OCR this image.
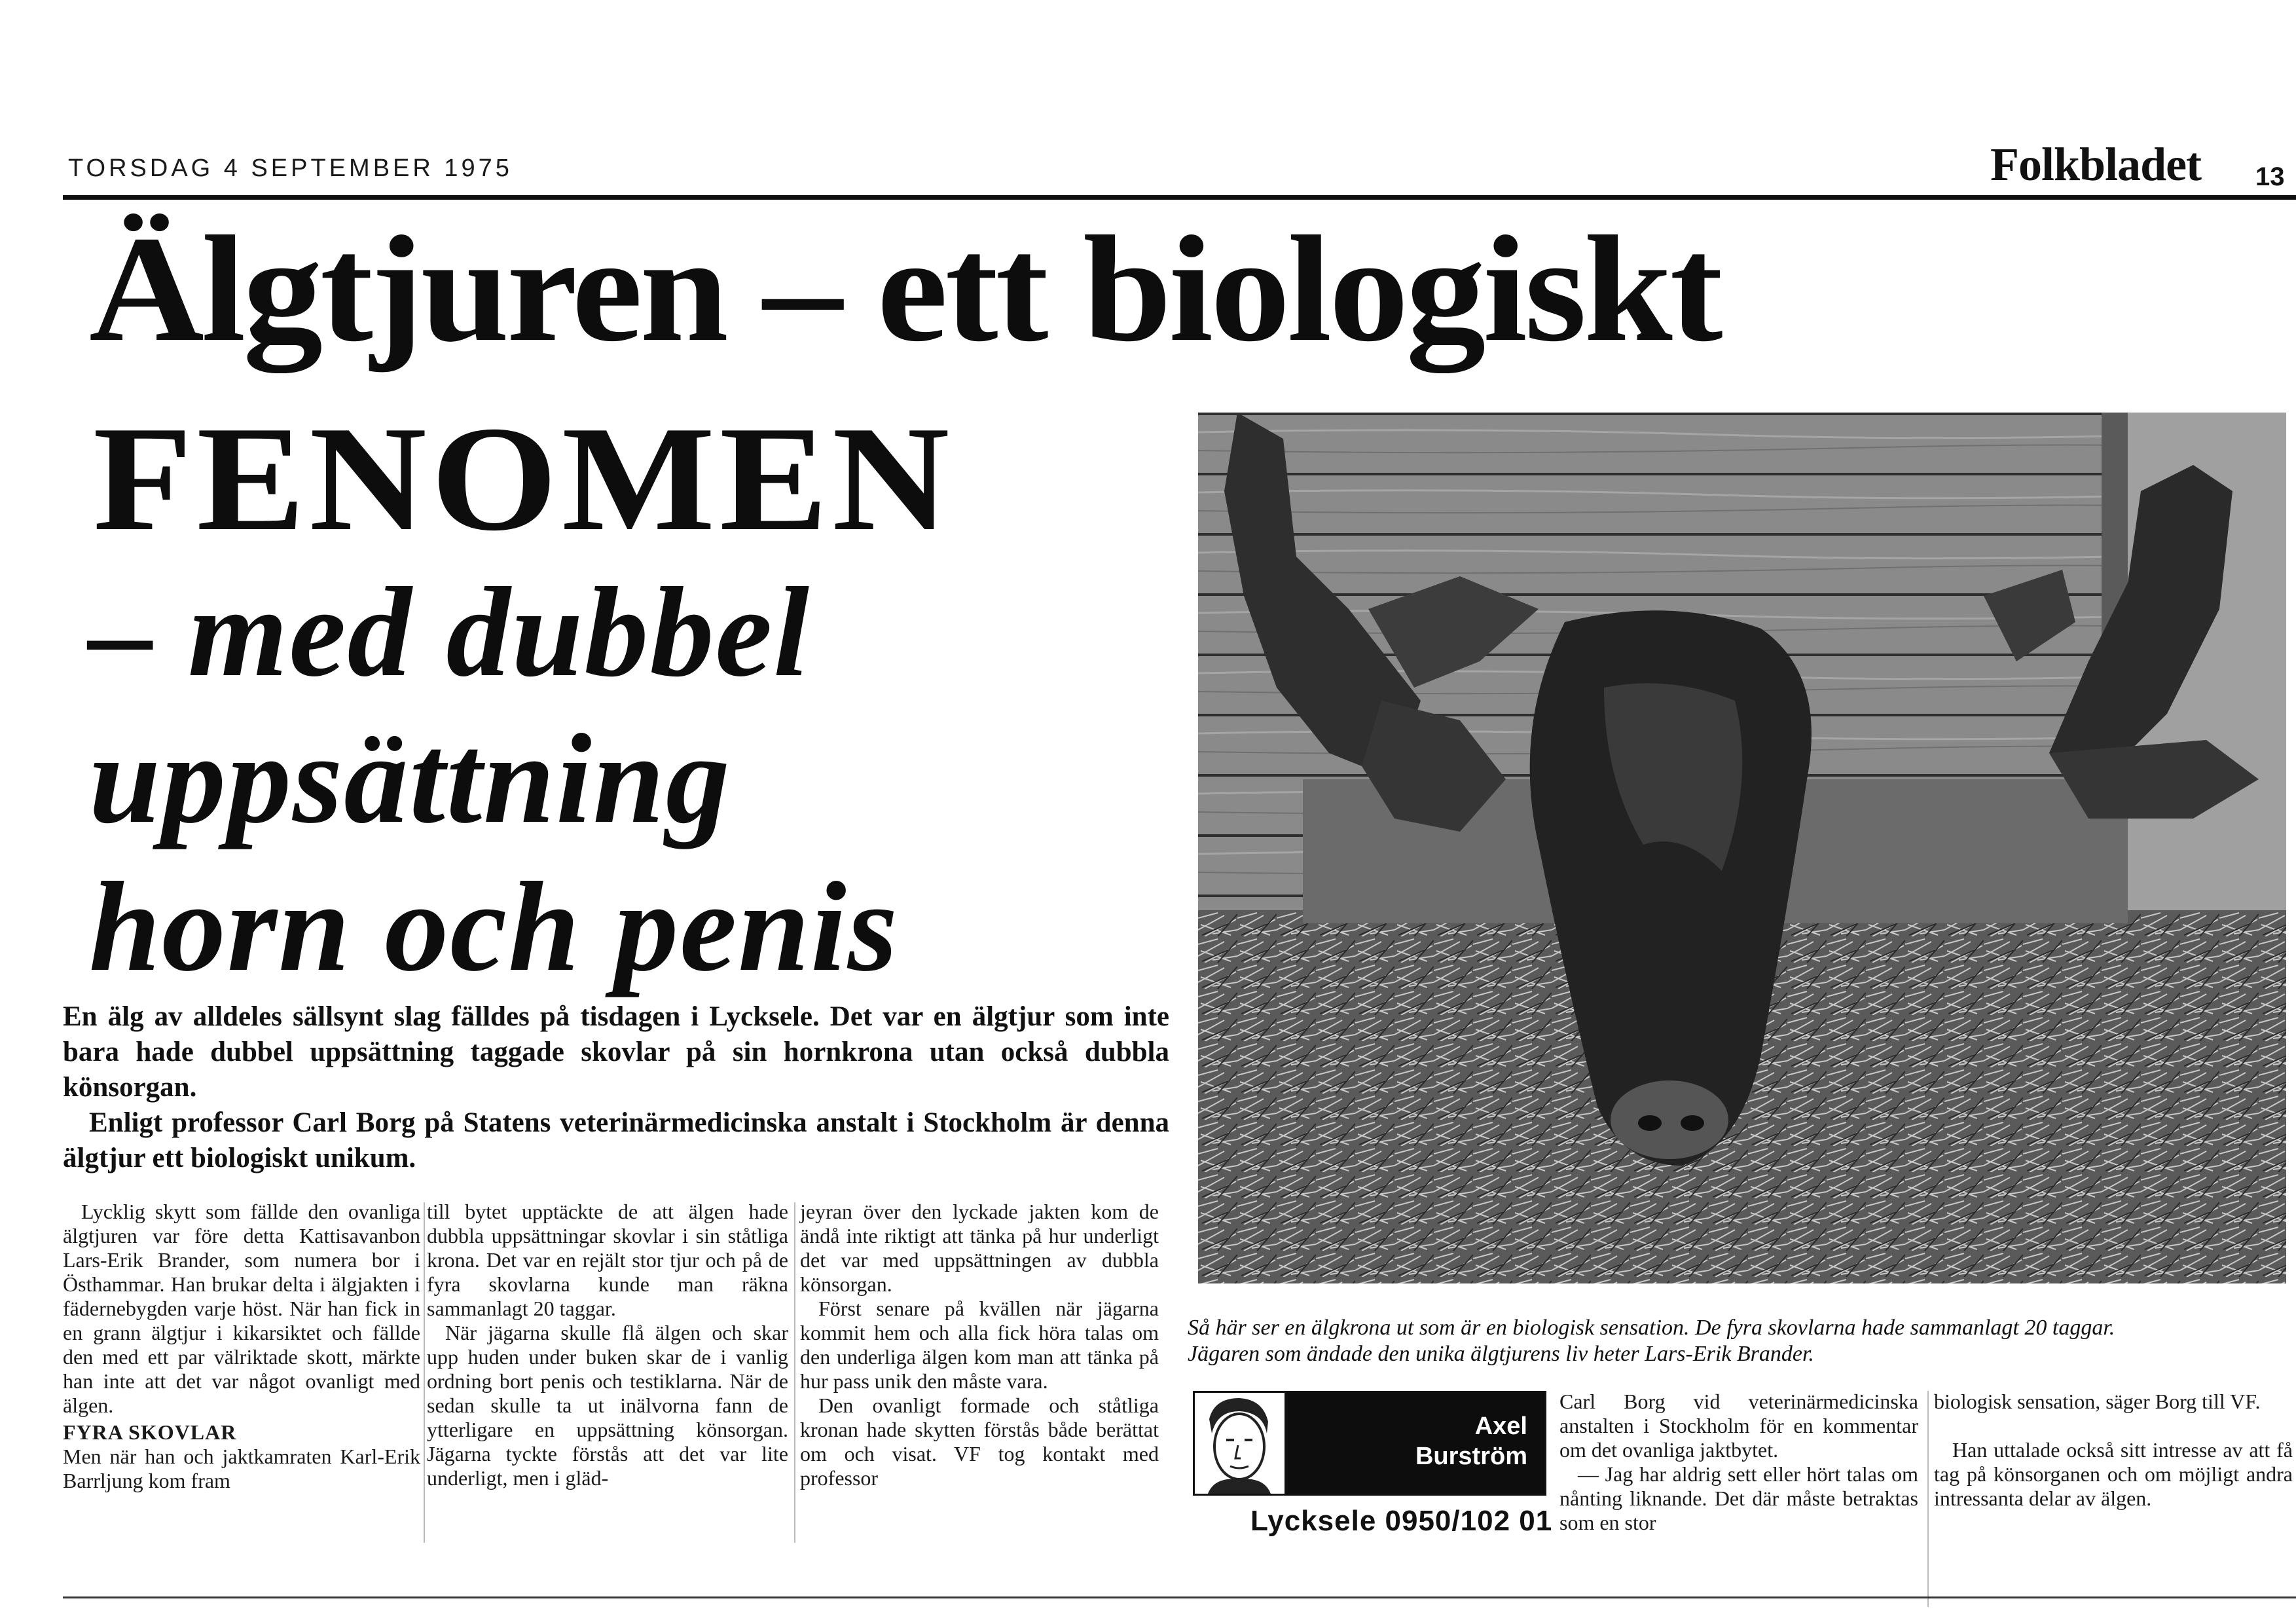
TORSDAG 4 SEPTEMBER 1975	Folkbladet 13
Älgtjuren – ett biologiskt
FENOMEN
– med dubbel
uppsättning
horn och penis

En älg av alldeles sällsynt slag fälldes på tisdagen i Lycksele. Det var en älgtjur som inte bara hade dubbel uppsättning taggade skovlar på sin hornkrona utan också dubbla könsorgan.

Enligt professor Carl Borg på Statens veterinärmedicinska anstalt i Stockholm är denna älgtjur ett biologiskt unikum.

Lycklig skytt som fällde den ovanliga älgtjuren var före detta Kattisavanbon Lars-Erik Brander, som numera bor i Östhammar. Han brukar delta i älgjakten i fädernebygden varje höst. När han fick in en grann älgtjur i kikarsiktet och fällde den med ett par välriktade skott, märkte han inte att det var något ovanligt med älgen.

FYRA SKOVLAR

Men när han och jaktkamraten Karl-Erik Barrljung kom fram

till bytet upptäckte de att älgen hade dubbla uppsättningar skovlar i sin ståtliga krona. Det var en rejält stor tjur och på de fyra skovlarna kunde man räkna sammanlagt 20 taggar.

När jägarna skulle flå älgen och skar upp huden under buken skar de i vanlig ordning bort penis och testiklarna. När de sedan skulle ta ut inälvorna fann de ytterligare en uppsättning könsorgan. Jägarna tyckte förstås att det var lite underligt, men i gläd-

jeyran över den lyckade jakten kom de ändå inte riktigt att tänka på hur underligt det var med uppsättningen av dubbla könsorgan.

Först senare på kvällen när jägarna kommit hem och alla fick höra talas om den underliga älgen kom man att tänka på hur pass unik den måste vara.

Den ovanligt formade och ståtliga kronan hade skytten förstås både berättat om och visat. VF tog kontakt med professor

Så här ser en älgkrona ut som är en biologisk sensation. De fyra skovlarna hade sammanlagt 20 taggar.
Jägaren som ändade den unika älgtjurens liv heter Lars-Erik Brander.
Axel
Burström
Lycksele 0950/102 01

Carl Borg vid veterinärmedicinska anstalten i Stockholm för en kommentar om det ovanliga jaktbytet.

— Jag har aldrig sett eller hört talas om nånting liknande. Det där måste betraktas som en stor

biologisk sensation, säger Borg till VF.

Han uttalade också sitt intresse av att få tag på könsorganen och om möjligt andra intressanta delar av älgen.
